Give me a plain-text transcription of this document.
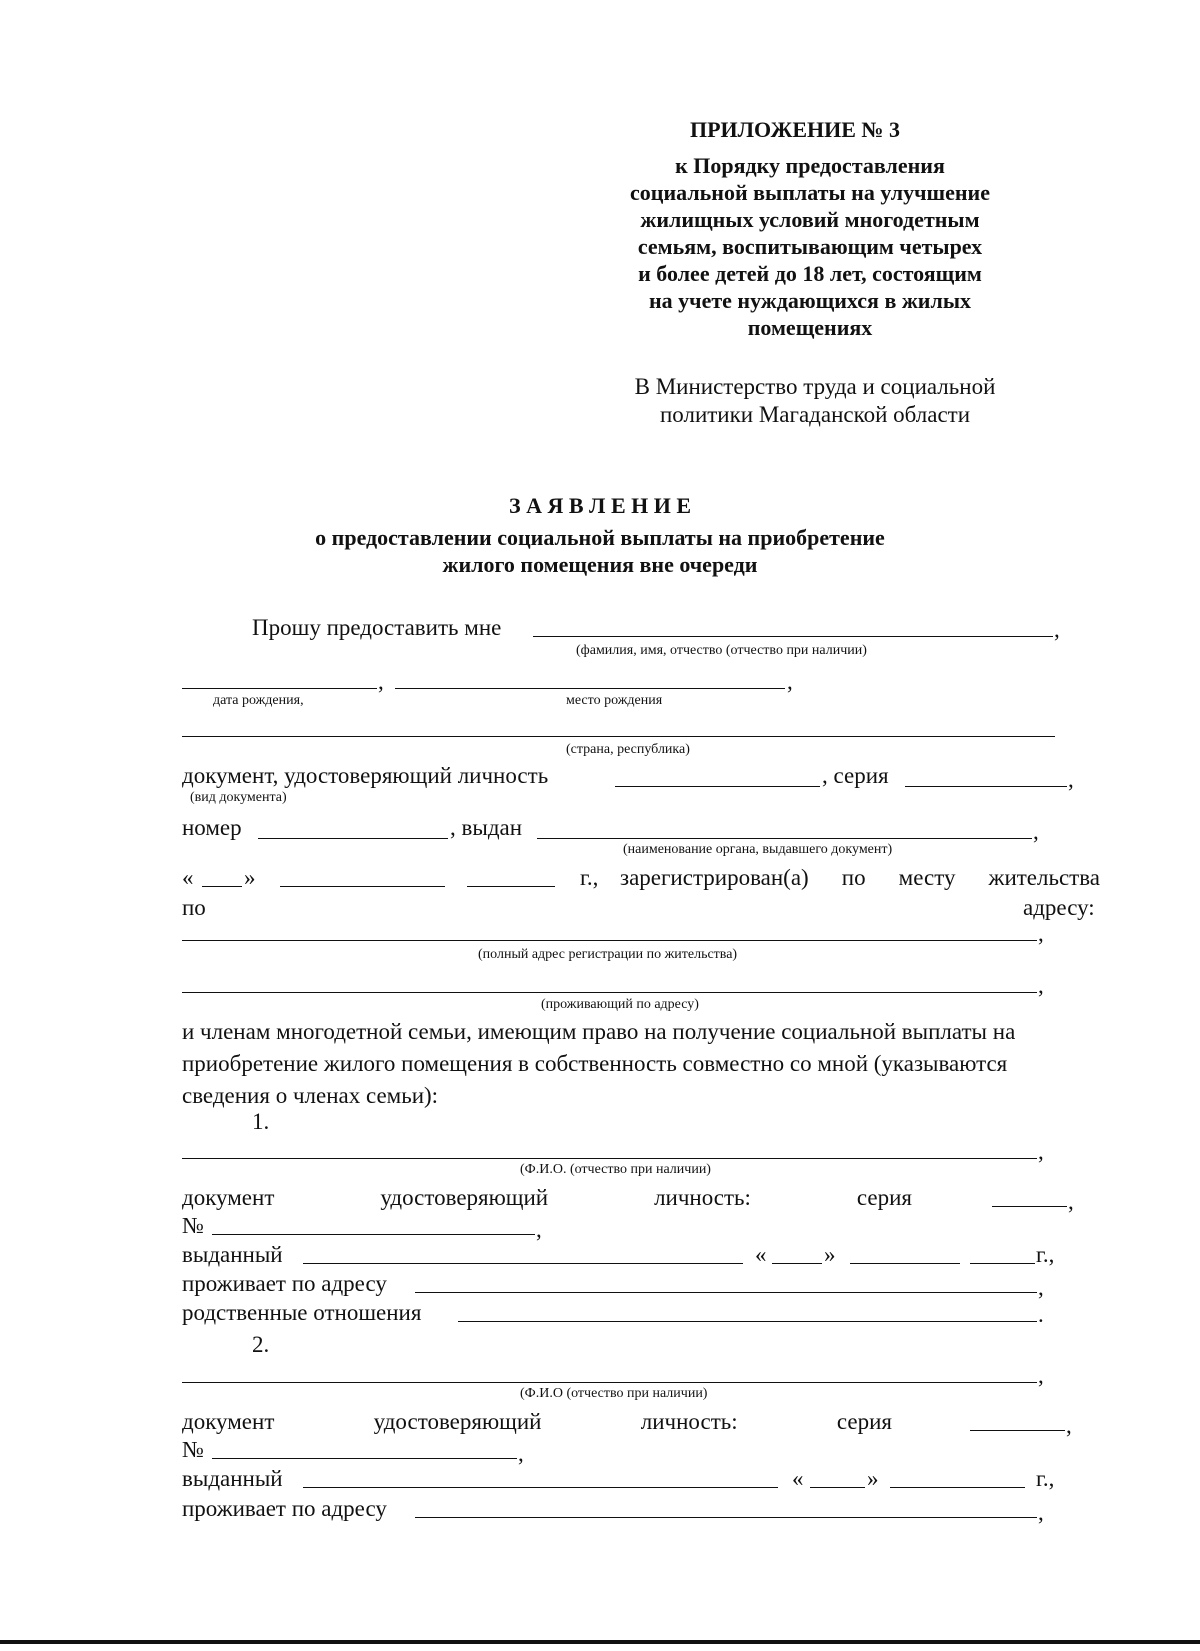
ПРИЛОЖЕНИЕ № 3
к Порядку предоставления
социальной выплаты на улучшение
жилищных условий многодетным
семьям, воспитывающим четырех
и более детей до 18 лет, состоящим
на учете нуждающихся в жилых
помещениях
В Министерство труда и социальной
политики Магаданской области
З А Я В Л Е Н И Е
о предоставлении социальной выплаты на приобретение
жилого помещения вне очереди
Прошу предоставить мне	,
(фамилия, имя, отчество (отчество при наличии)
,	,
дата рождения,	место рождения
(страна, республика)
документ, удостоверяющий личность	, серия	,
(вид документа)
номер	, выдан	,
(наименование органа, выдавшего документ)
« »	г., зарегистрирован(а) по месту жительства
по	адресу:
,
(полный адрес регистрации по жительства)
,
(проживающий по адресу)
и членам многодетной семьи, имеющим право на получение социальной выплаты на
приобретение жилого помещения в собственность совместно со мной (указываются
сведения о членах семьи):
1.
,
(Ф.И.О. (отчество при наличии)
документ	удостоверяющий	личность:	серия	,
№	,
выданный	«	»	г.,
проживает по адресу	,
родственные отношения	.
2.
,
(Ф.И.О (отчество при наличии)
документ	удостоверяющий	личность:	серия	,
№	,
выданный	«	»	г.,
проживает по адресу	,
